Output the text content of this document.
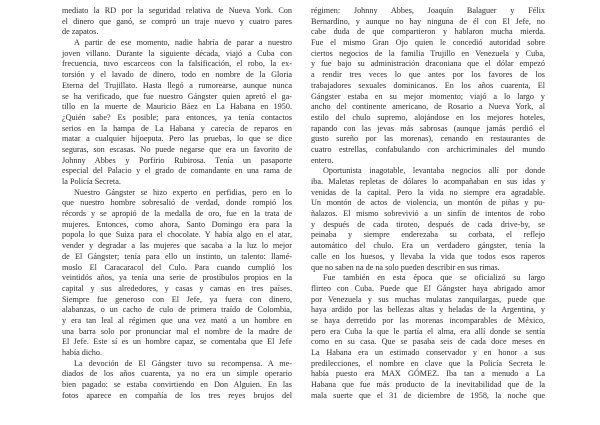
mediato la RD por la seguridad relativa de Nueva York. Con
el dinero que ganó, se compró un traje nuevo y cuatro pares
de zapatos.
A partir de ese momento, nadie habría de parar a nuestro
joven villano. Durante la siguiente década, viajó a Cuba con
frecuencia, tuvo escarceos con la falsificación, el robo, la ex-
torsión y el lavado de dinero, todo en nombre de la Gloria
Eterna del Trujillato. Hasta llegó a rumorearse, aunque nunca
se ha verificado, que fue nuestro Gángster quien apretó el ga-
tillo en la muerte de Mauricio Báez en La Habana en 1950.
¿Quién sabe? Es posible; para entonces, ya tenía contactos
serios en la hampa de La Habana y carecía de reparos en
matar a cualquier hijoeputa. Pero las pruebas, lo que se dice
seguras, son escasas. No puede negarse que era un favorito de
Johnny Abbes y Porfirio Rubirosa. Tenía un pasaporte
especial del Palacio y el grado de comandante en una rama de
la Policía Secreta.
Nuestro Gángster se hizo experto en perfidias, pero en lo
que nuestro hombre sobresalió de verdad, donde rompió los
récords y se apropió de la medalla de oro, fue en la trata de
mujeres. Entonces, como ahora, Santo Domingo era para la
popola lo que Suiza para el chocolate. Y había algo en el atar,
vender y degradar a las mujeres que sacaba a la luz lo mejor
de El Gángster; tenía para ello un instinto, un talento: llamé-
moslo El Caracaracol del Culo. Para cuando cumplió los
veintidós años, ya tenía una serie de prostíbulos propios en la
capital y sus alrededores, y casas y camas en tres países.
Siempre fue generoso con El Jefe, ya fuera con dinero,
alabanzas, o un cacho de culo de primera traído de Colombia,
y era tan leal al régimen que una vez mató a un hombre en
una barra solo por pronunciar mal el nombre de la madre de
El Jefe. Este sí es un hombre capaz, se comentaba que El Jefe
había dicho.
La devoción de El Gángster tuvo su recompensa. A me-
diados de los años cuarenta, ya no era un simple operario
bien pagado: se estaba convirtiendo en Don Alguien. En las
fotos aparece en compañía de los tres reyes brujos del
régimen: Johnny Abbes, Joaquín Balaguer y Félix
Bernardino, y aunque no hay ninguna de él con El Jefe, no
cabe duda de que compartieron y hablaron mucha mierda.
Fue el mismo Gran Ojo quien le concedió autoridad sobre
ciertos negocios de la familia Trujillo en Venezuela y Cuba,
y fue bajo su administración draconiana que el dólar empezó
a rendir tres veces lo que antes por los favores de los
trabajadores sexuales dominicanos. En los años cuarenta, El
Gángster estaba en su mejor momento; viajó a lo largo y
ancho del continente americano, de Rosario a Nueva York, al
estilo del chulo supremo, alojándose en los mejores hoteles,
rapando con las jevas más sabrosas (aunque jamás perdió el
gusto sureño por las morenas), cenando en restaurantes de
cuatro estrellas, confabulando con archicriminales del mundo
entero.
Oportunista inagotable, levantaba negocios allí por donde
iba. Maletas repletas de dólares lo acompañaban en sus idas y
venidas de la capital. Pero la vida no siempre era agradable.
Un montón de actos de violencia, un montón de piñas y pu-
ñalazos. El mismo sobrevivió a un sinfín de intentos de robo
y después de cada tiroteo, después de cada drive-by, se
peinaba y siempre enderezaba su corbata, el reflejo
automático del chulo. Era un verdadero gángster, tenía la
calle en los huesos, y llevaba la vida que todos esos raperos
que no saben na de na solo pueden describir en sus rimas.
Fue también en esta época que se oficializó su largo
flirteo con Cuba. Puede que El Gángster haya abrigado amor
por Venezuela y sus muchas mulatas zanquilargas, puede que
haya ardido por las bellezas altas y heladas de la Argentina, y
se haya derretido por las morenas incomparables de México,
pero era Cuba la que le partía el alma, era allí donde se sentía
como en su casa. Que se pasaba seis de cada doce meses en
La Habana era un estimado conservador y en honor a sus
predilecciones, el nombre en clave que la Policía Secreta le
había puesto era MAX GÓMEZ. Iba tan a menudo a La
Habana que fue más producto de la inevitabilidad que de la
mala suerte que el 31 de diciembre de 1958, la noche que
